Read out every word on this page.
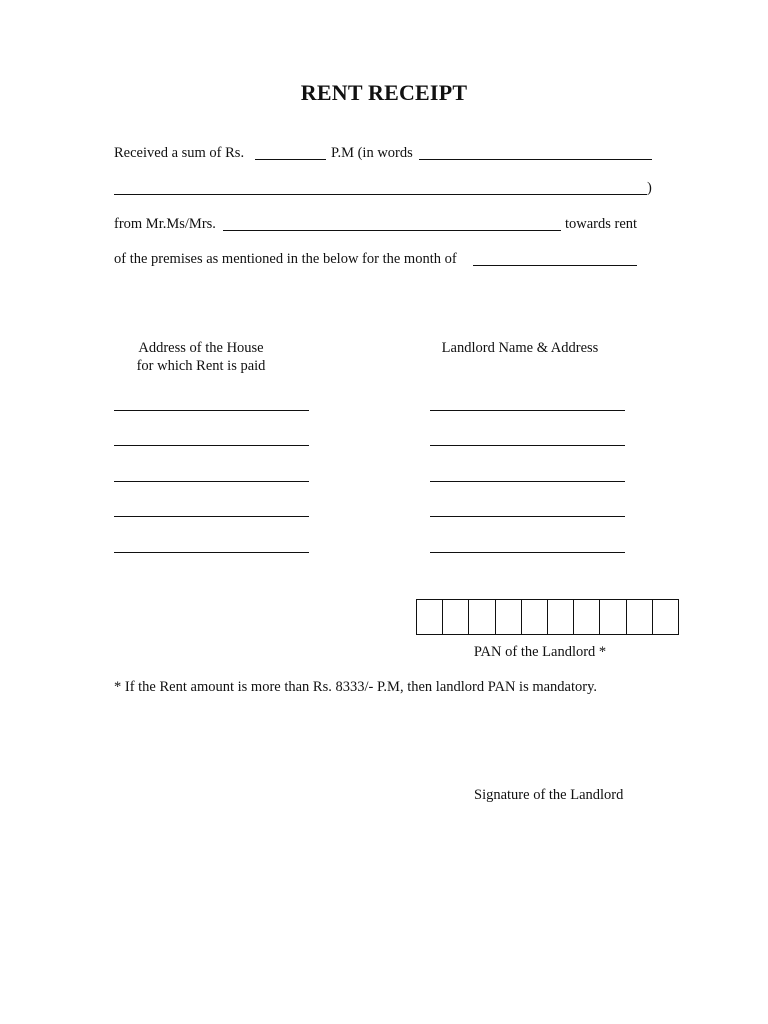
RENT RECEIPT
Received a sum of Rs.	P.M (in words
)
from Mr.Ms/Mrs.	towards rent
of the premises as mentioned in the below for the month of
Address of the House
for which Rent is paid
Landlord Name & Address
PAN of the Landlord *
* If the Rent amount is more than Rs. 8333/- P.M, then landlord PAN is mandatory.
Signature of the Landlord
